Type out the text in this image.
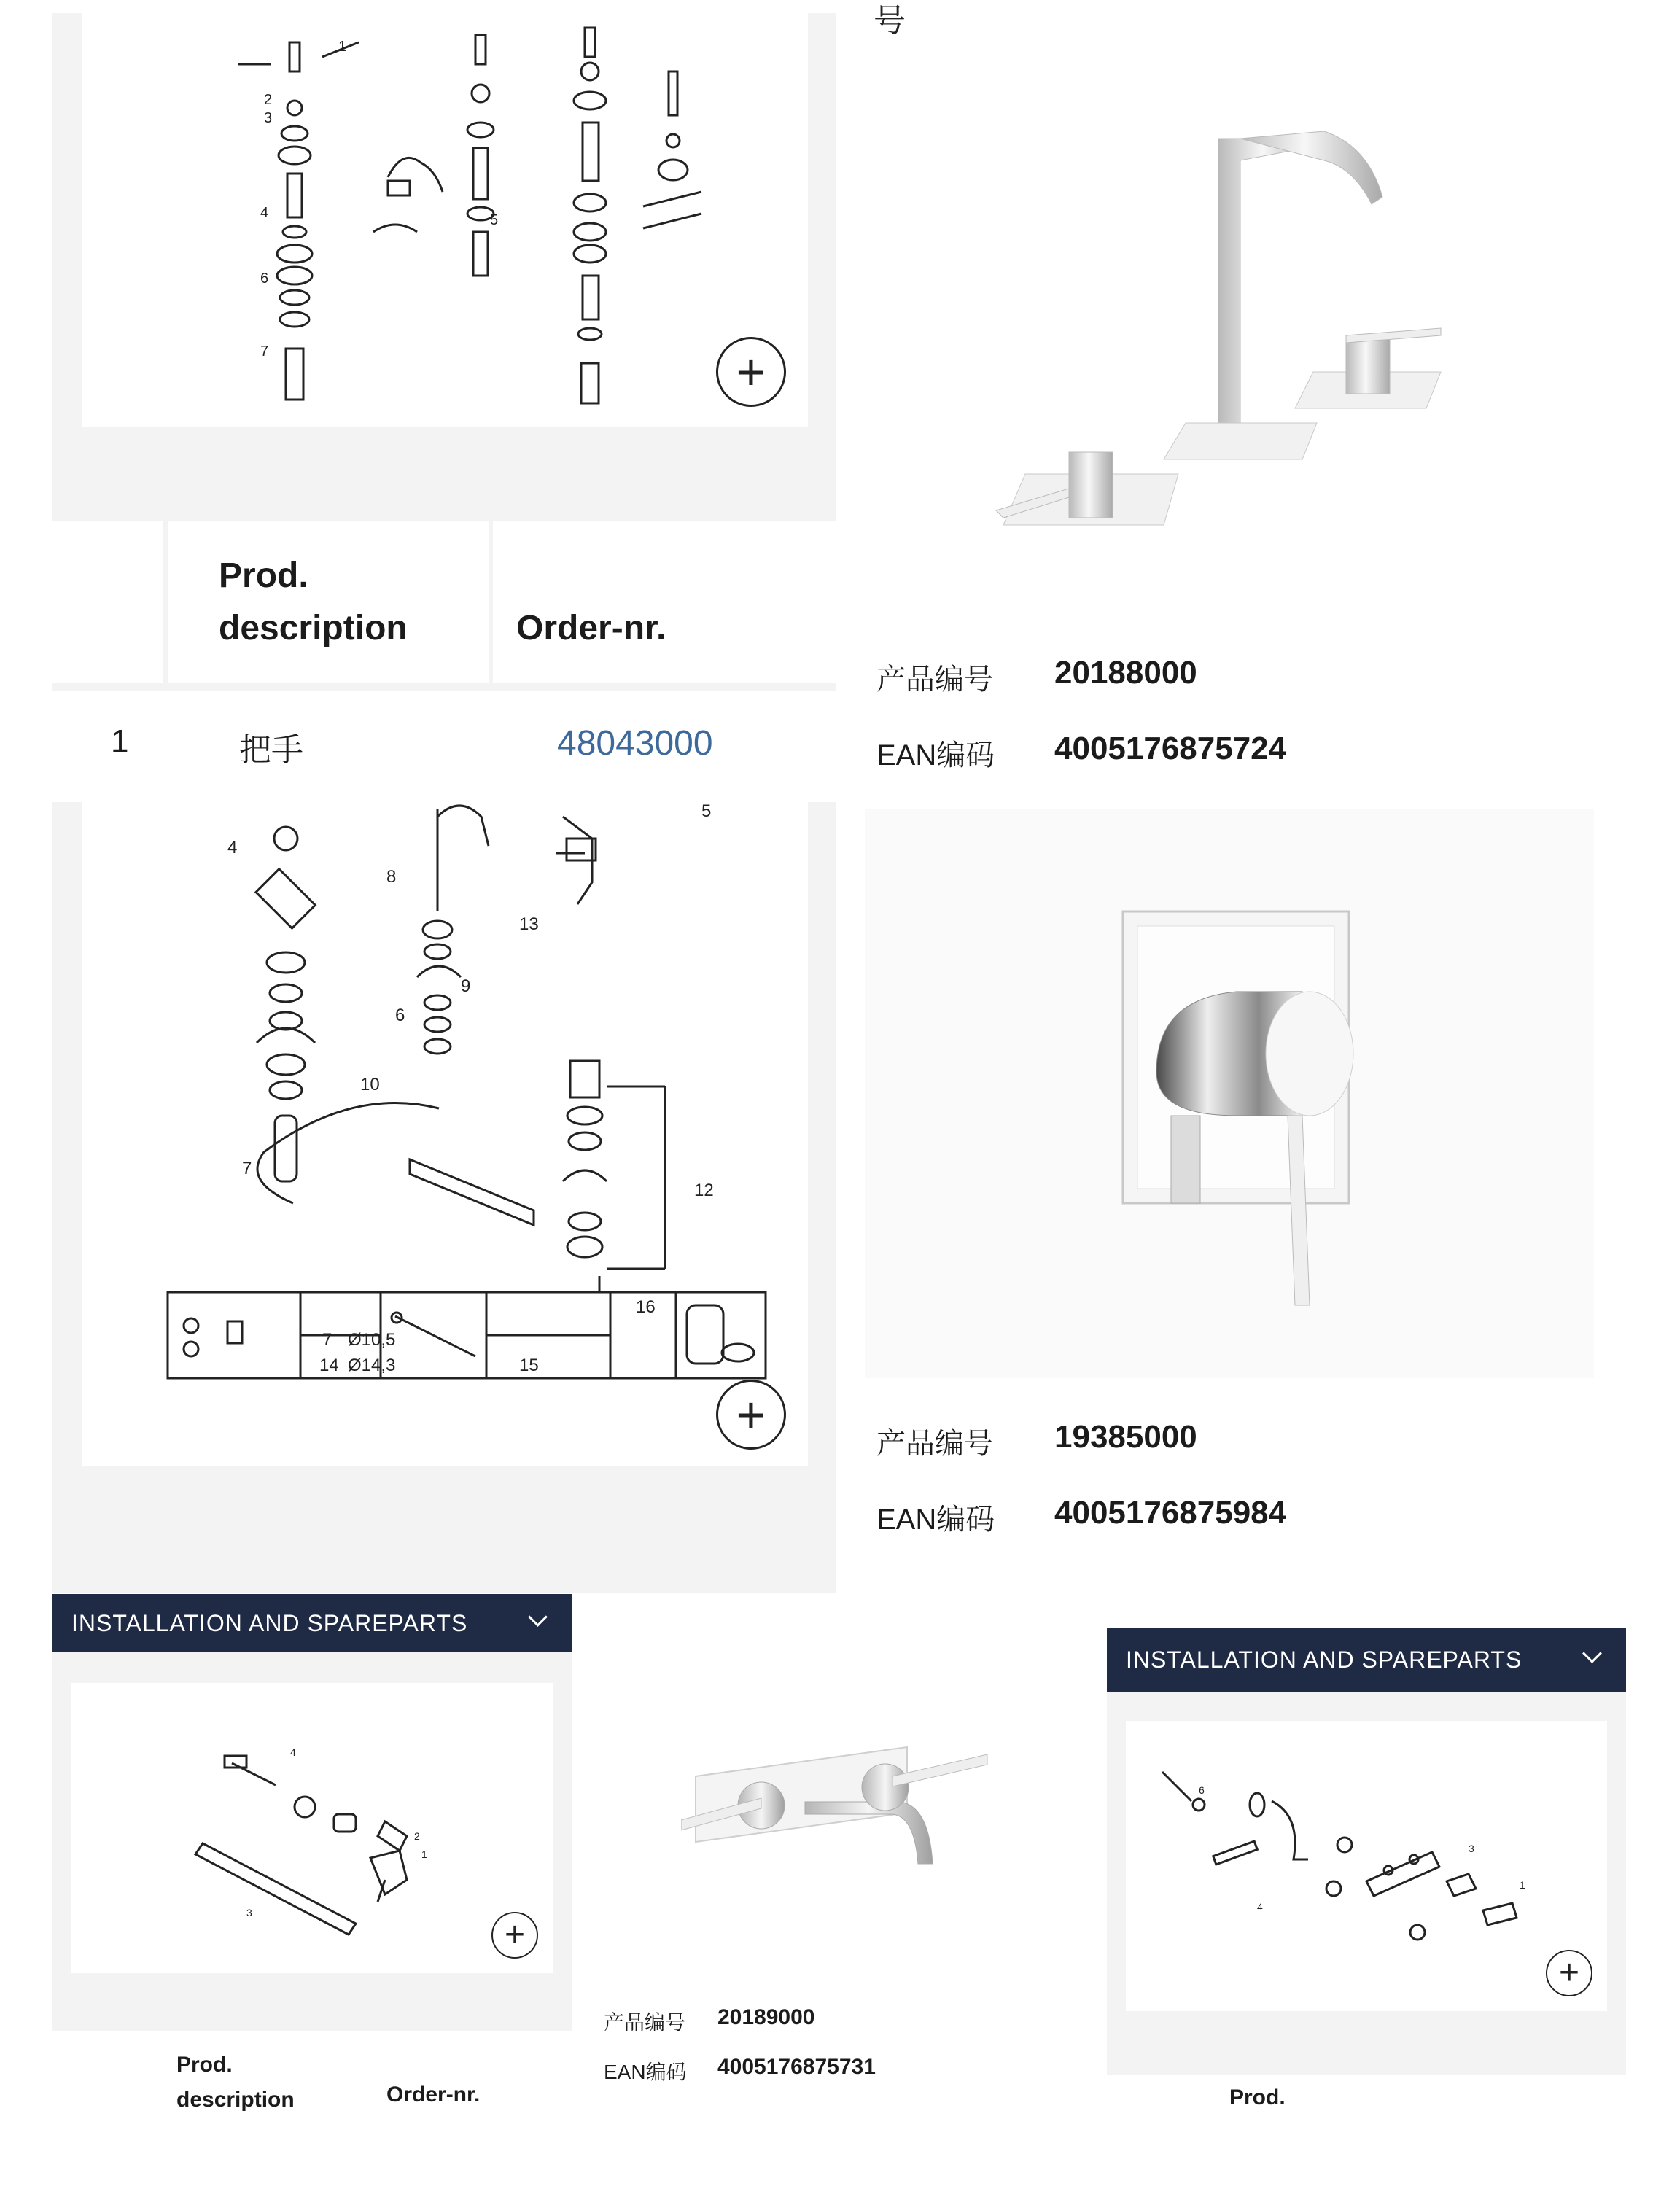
1
2
3
4	5
6
7	+
Prod.
description	Order-nr.
1	把手	48043000
4
5
6
7
8
9
10
12
13
7 Ø10,5
14 Ø14,3	15
16
+
号
产品编号 20188000
EAN编码 4005176875724
产品编号 19385000
EAN编码 4005176875984
INSTALLATION AND SPAREPARTS
4
2
1
3
+
Prod.
description	Order-nr.
产品编号 20189000
EAN编码 4005176875731
INSTALLATION AND SPAREPARTS
3
1
4
6
+
Prod.
